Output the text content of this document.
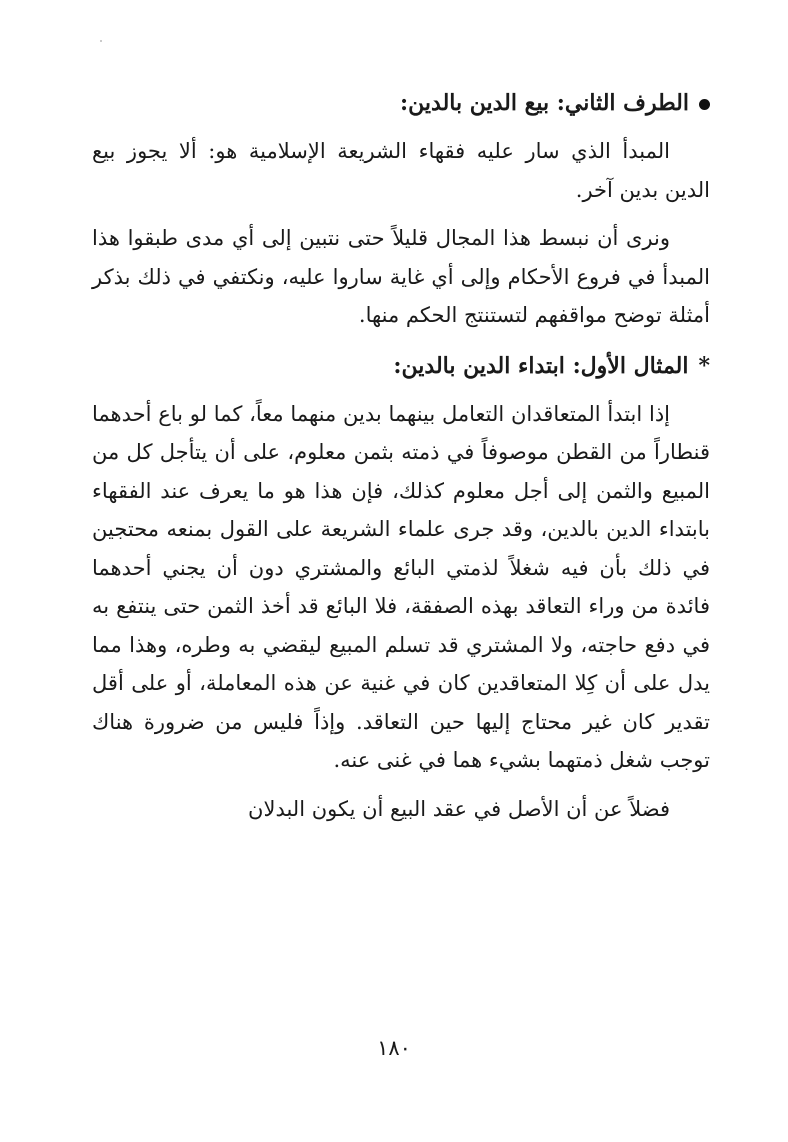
الطرف الثاني: بيع الدين بالدين:

المبدأ الذي سار عليه فقهاء الشريعة الإسلامية هو: ألا يجوز بيع الدين بدين آخر.

ونرى أن نبسط هذا المجال قليلاً حتى نتبين إلى أي مدى طبقوا هذا المبدأ في فروع الأحكام وإلى أي غاية ساروا عليه، ونكتفي في ذلك بذكر أمثلة توضح مواقفهم لتستنتج الحكم منها.

*المثال الأول: ابتداء الدين بالدين:

إذا ابتدأ المتعاقدان التعامل بينهما بدين منهما معاً، كما لو باع أحدهما قنطاراً من القطن موصوفاً في ذمته بثمن معلوم، على أن يتأجل كل من المبيع والثمن إلى أجل معلوم كذلك، فإن هذا هو ما يعرف عند الفقهاء بابتداء الدين بالدين، وقد جرى علماء الشريعة على القول بمنعه محتجين في ذلك بأن فيه شغلاً لذمتي البائع والمشتري دون أن يجني أحدهما فائدة من وراء التعاقد بهذه الصفقة، فلا البائع قد أخذ الثمن حتى ينتفع به في دفع حاجته، ولا المشتري قد تسلم المبيع ليقضي به وطره، وهذا مما يدل على أن كِلا المتعاقدين كان في غنية عن هذه المعاملة، أو على أقل تقدير كان غير محتاج إليها حين التعاقد. وإذاً فليس من ضرورة هناك توجب شغل ذمتهما بشيء هما في غنى عنه.

فضلاً عن أن الأصل في عقد البيع أن يكون البدلان

١٨٠
